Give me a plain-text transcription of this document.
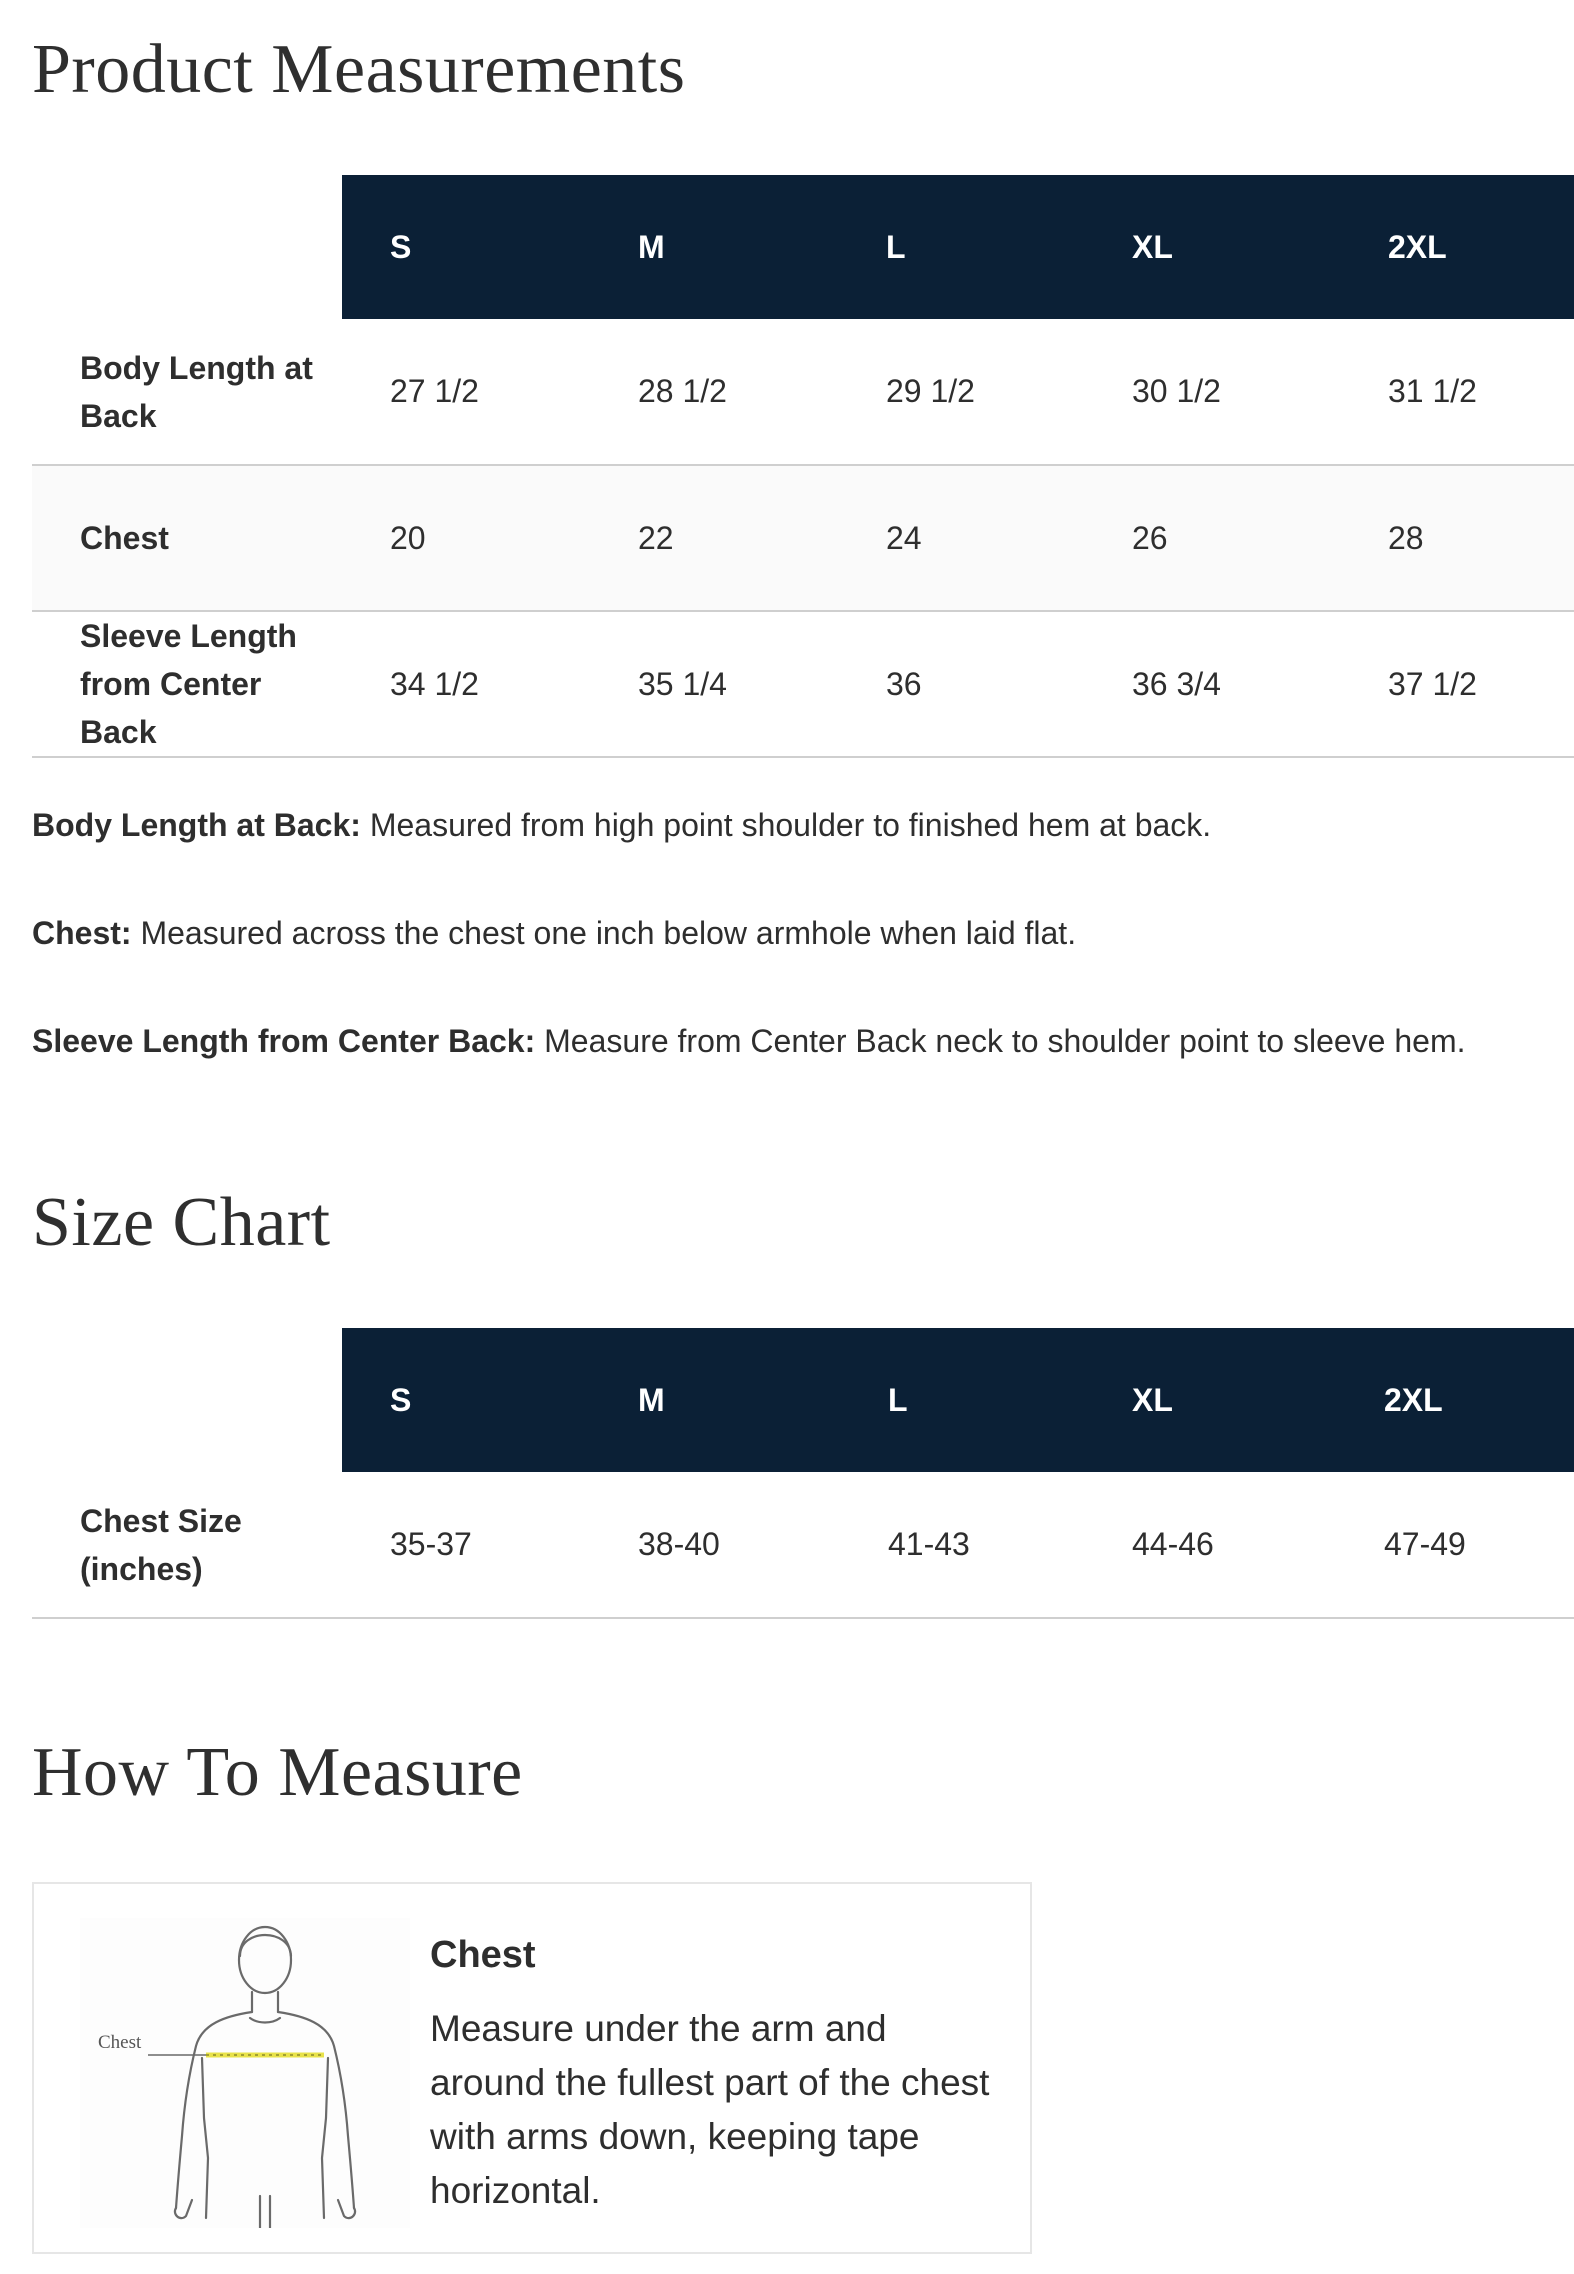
Product Measurements
	S	M	L	XL	2XL
Body Length at Back	27 1/2	28 1/2	29 1/2	30 1/2	31 1/2
Chest	20	22	24	26	28
Sleeve Length from Center Back	34 1/2	35 1/4	36	36 3/4	37 1/2

Body Length at Back: Measured from high point shoulder to finished hem at back.

Chest: Measured across the chest one inch below armhole when laid flat.

Sleeve Length from Center Back: Measure from Center Back neck to shoulder point to sleeve hem.

Size Chart
	S	M	L	XL	2XL
Chest Size (inches)	35-37	38-40	41-43	44-46	47-49
How To Measure
Chest
Chest

Measure under the arm and around the fullest part of the chest with arms down, keeping tape horizontal.
